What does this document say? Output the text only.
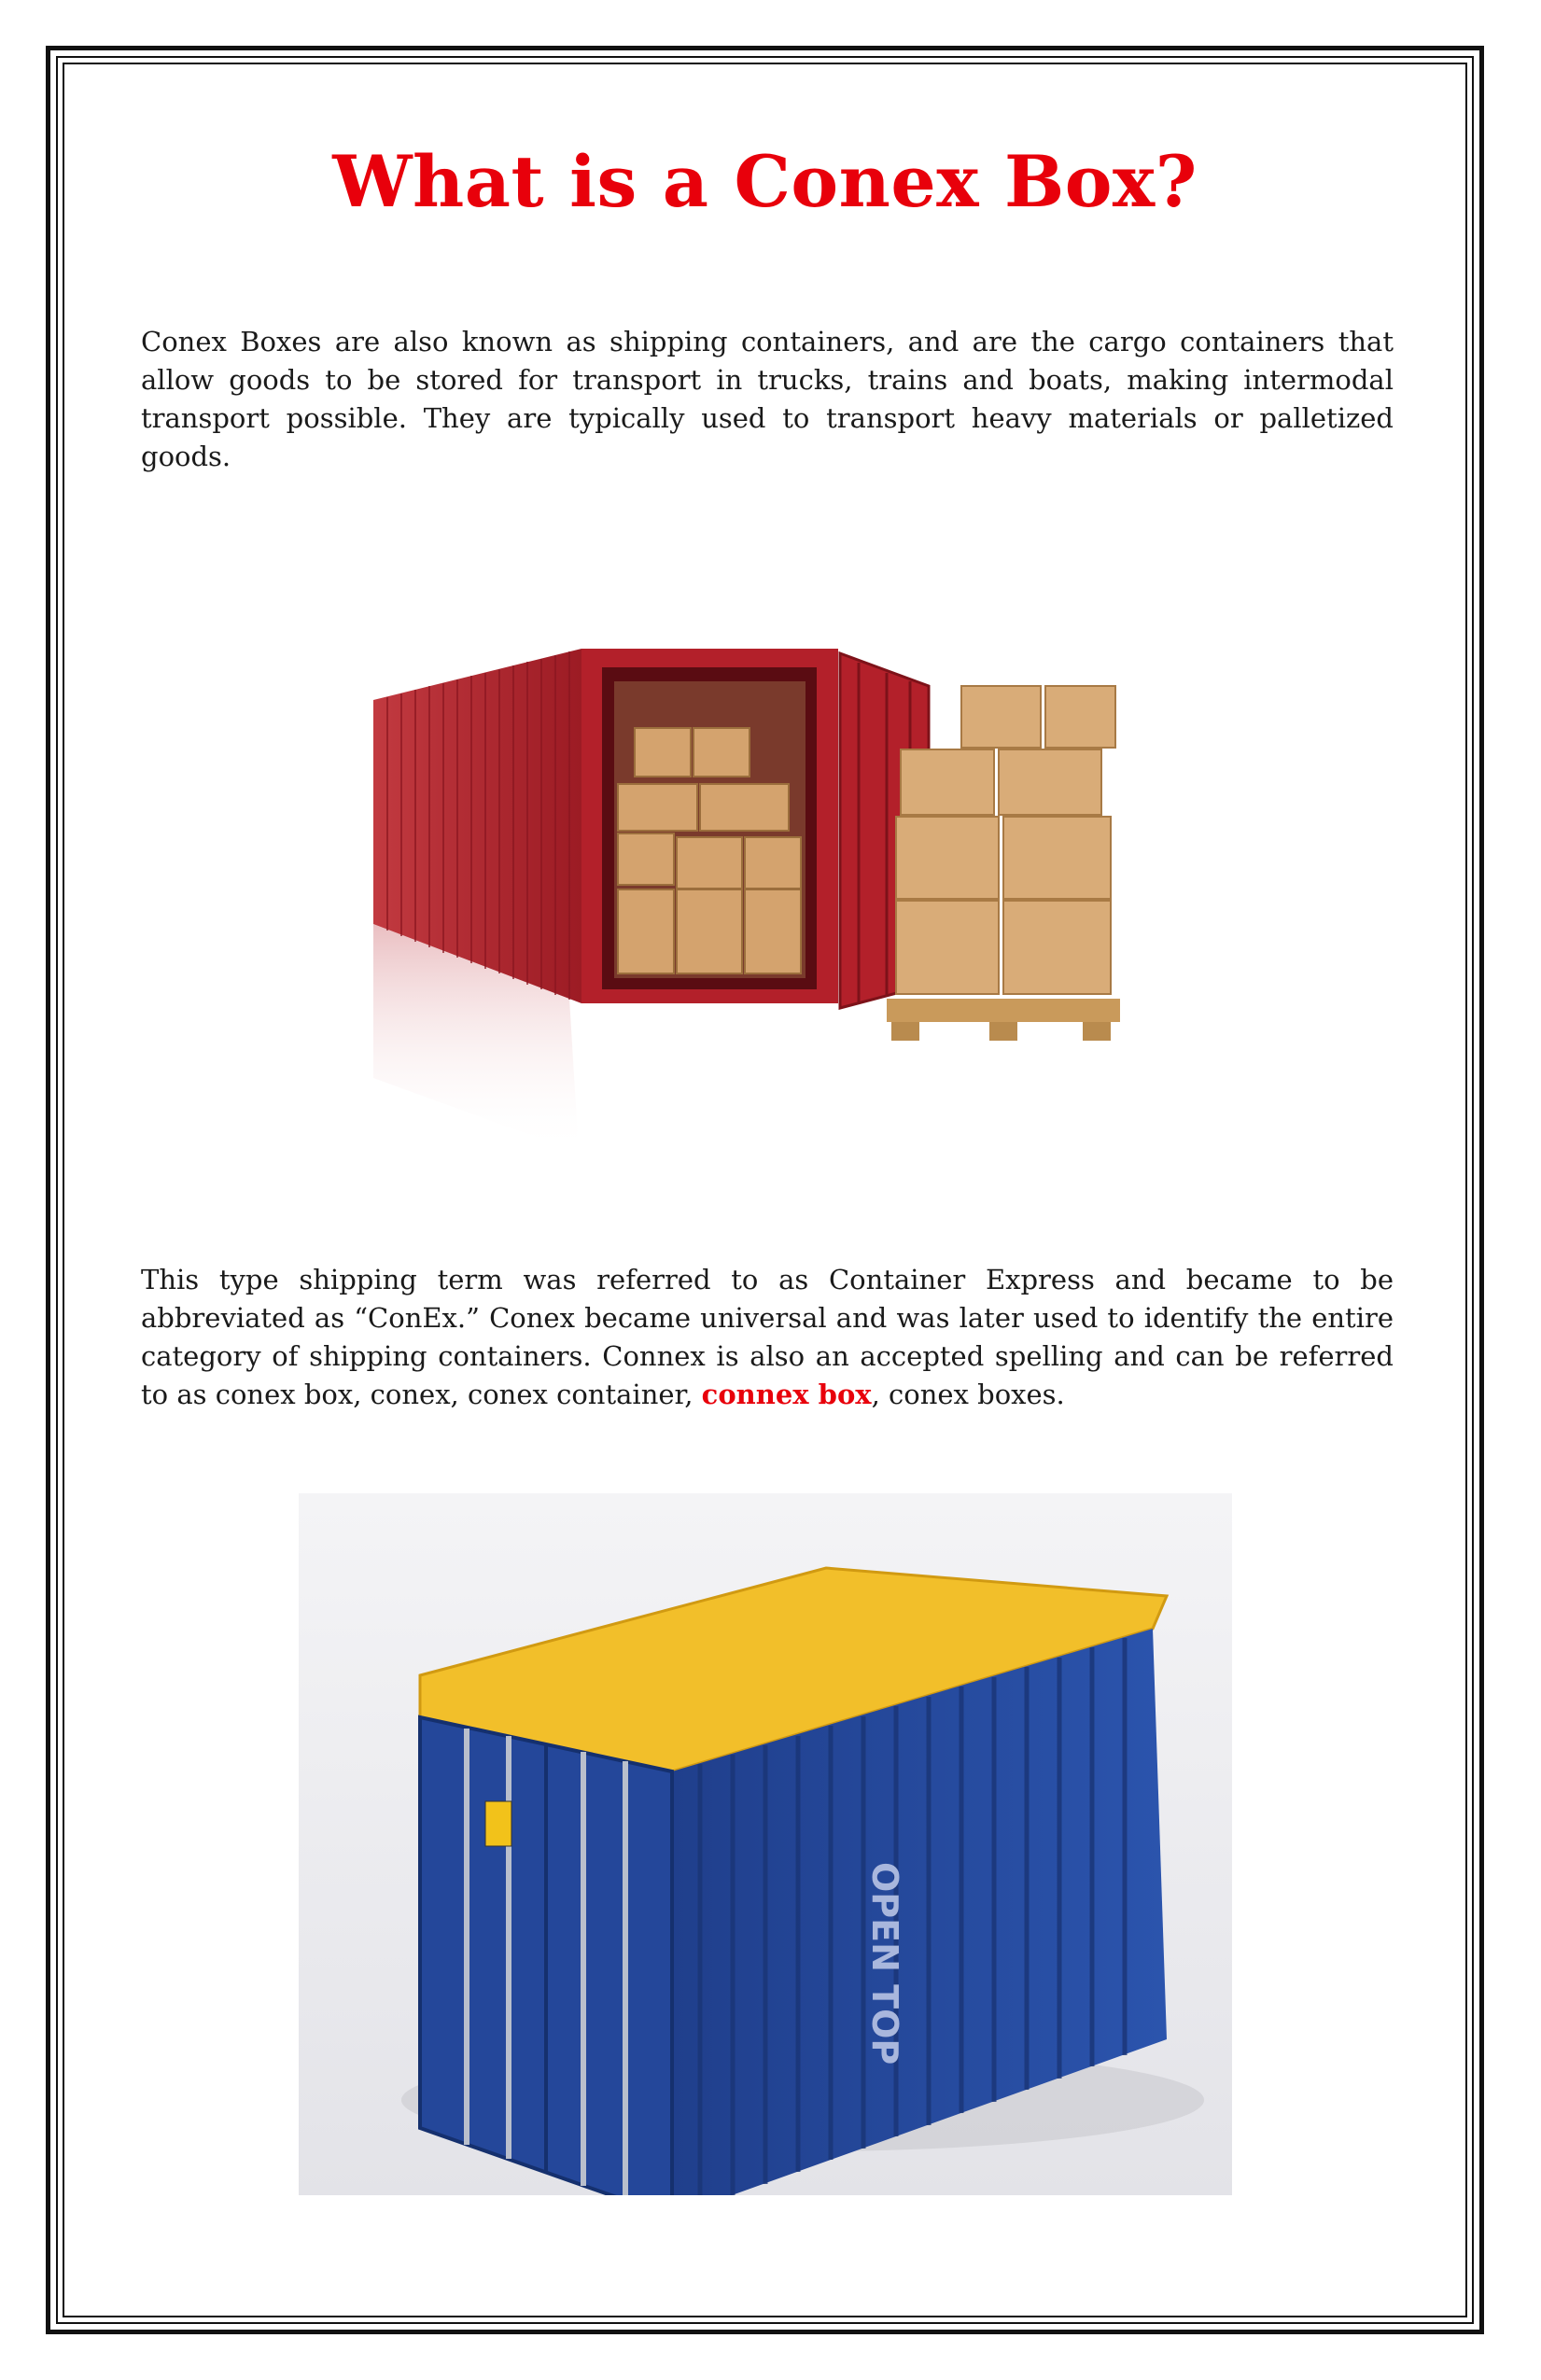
What is a Conex Box?

Conex Boxes are also known as shipping containers, and are the cargo containers that allow goods to be stored for transport in trucks, trains and boats, making intermodal transport possible. They are typically used to transport heavy materials or palletized goods.

This type shipping term was referred to as Container Express and became to be abbreviated as “ConEx.” Conex became universal and was later used to identify the entire category of shipping containers. Connex is also an accepted spelling and can be referred to as conex box, conex, conex container, connex box, conex boxes.

OPEN TOP
